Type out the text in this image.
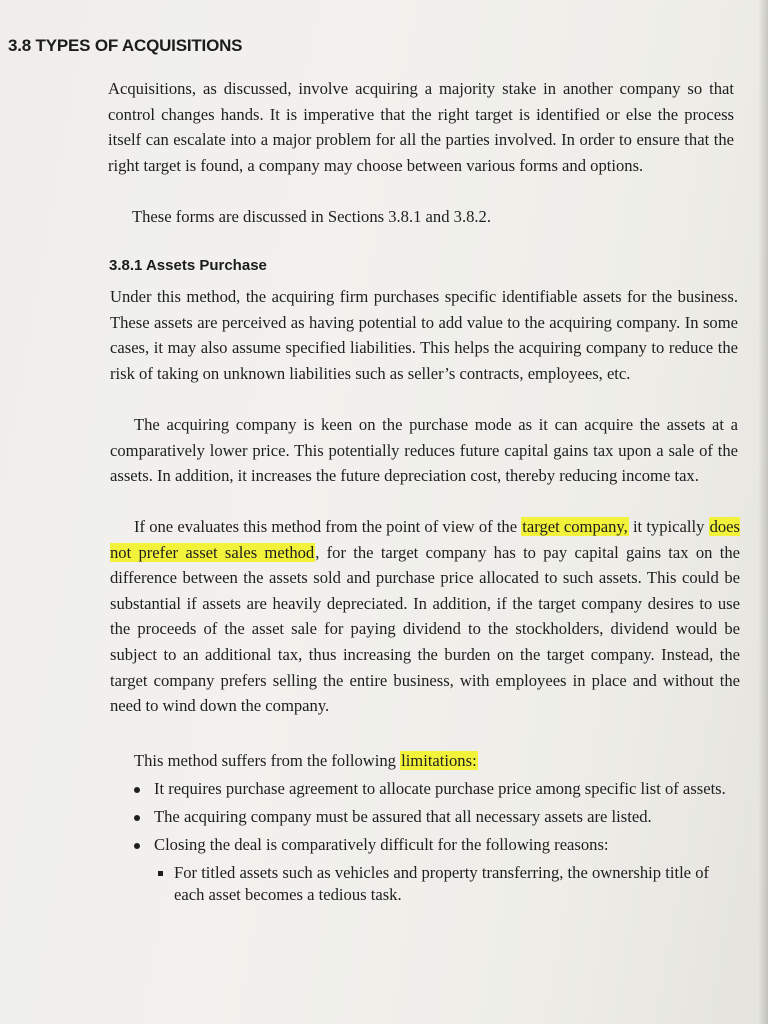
3.8 TYPES OF ACQUISITIONS

Acquisitions, as discussed, involve acquiring a majority stake in another company so that control changes hands. It is imperative that the right target is identified or else the process itself can escalate into a major problem for all the parties involved. In order to ensure that the right target is found, a company may choose between various forms and options.

These forms are discussed in Sections 3.8.1 and 3.8.2.

3.8.1 Assets Purchase

Under this method, the acquiring firm purchases specific identifiable assets for the business. These assets are perceived as having potential to add value to the acquiring company. In some cases, it may also assume specified liabilities. This helps the acquiring company to reduce the risk of taking on unknown liabilities such as seller’s contracts, employees, etc.

The acquiring company is keen on the purchase mode as it can acquire the assets at a comparatively lower price. This potentially reduces future capital gains tax upon a sale of the assets. In addition, it increases the future depreciation cost, thereby reducing income tax.

If one evaluates this method from the point of view of the target company, it typically does not prefer asset sales method, for the target company has to pay capital gains tax on the difference between the assets sold and purchase price allocated to such assets. This could be substantial if assets are heavily depreciated. In addition, if the target company desires to use the proceeds of the asset sale for paying dividend to the stockholders, dividend would be subject to an additional tax, thus increasing the burden on the target company. Instead, the target company prefers selling the entire business, with employees in place and without the need to wind down the company.

This method suffers from the following limitations:

It requires purchase agreement to allocate purchase price among specific list of assets.
The acquiring company must be assured that all necessary assets are listed.
Closing the deal is comparatively difficult for the following reasons:
For titled assets such as vehicles and property transferring, the ownership title of each asset becomes a tedious task.
